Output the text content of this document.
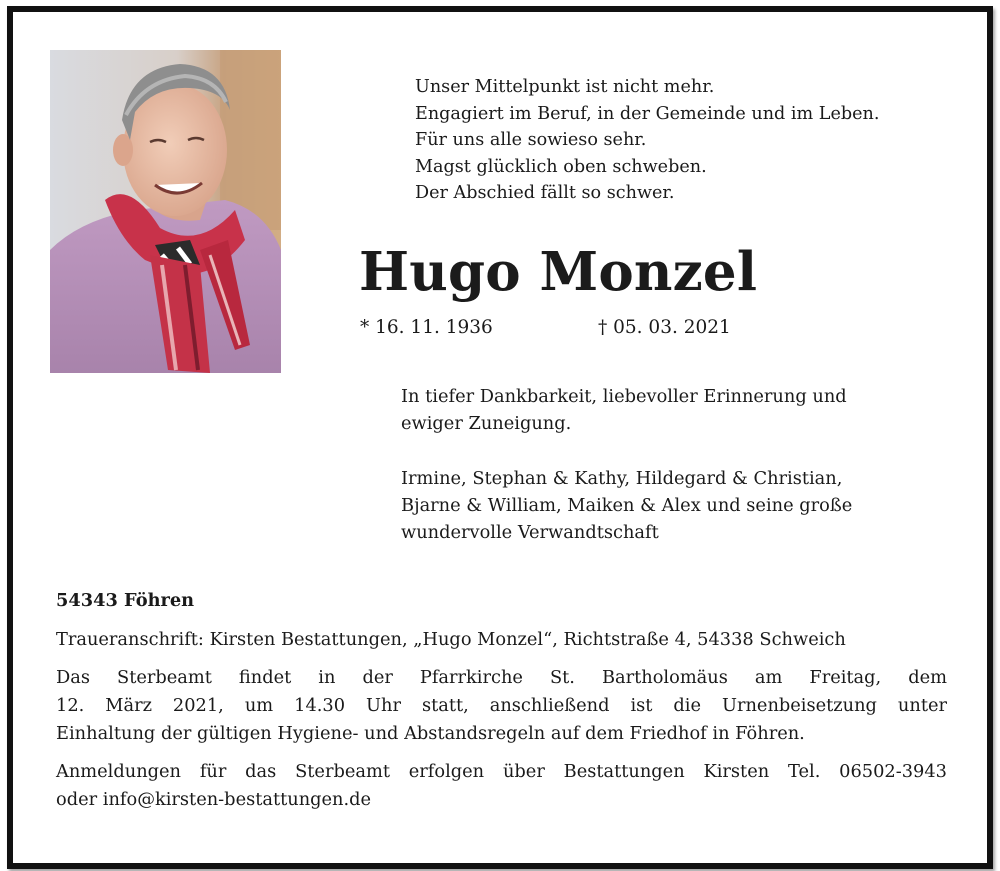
Unser Mittelpunkt ist nicht mehr.
Engagiert im Beruf, in der Gemeinde und im Leben.
Für uns alle sowieso sehr.
Magst glücklich oben schweben.
Der Abschied fällt so schwer.
Hugo Monzel
* 16. 11. 1936	† 05. 03. 2021
In tiefer Dankbarkeit, liebevoller Erinnerung und
ewiger Zuneigung.
Irmine, Stephan & Kathy, Hildegard & Christian,
Bjarne & William, Maiken & Alex und seine große
wundervolle Verwandtschaft
54343 Föhren
Traueranschrift: Kirsten Bestattungen, „Hugo Monzel“, Richtstraße 4, 54338 Schweich
Das Sterbeamt findet in der Pfarrkirche St. Bartholomäus am Freitag, dem
12. März 2021, um 14.30 Uhr statt, anschließend ist die Urnenbeisetzung unter
Einhaltung der gültigen Hygiene- und Abstandsregeln auf dem Friedhof in Föhren.
Anmeldungen für das Sterbeamt erfolgen über Bestattungen Kirsten Tel. 06502-3943
oder info@kirsten-bestattungen.de
